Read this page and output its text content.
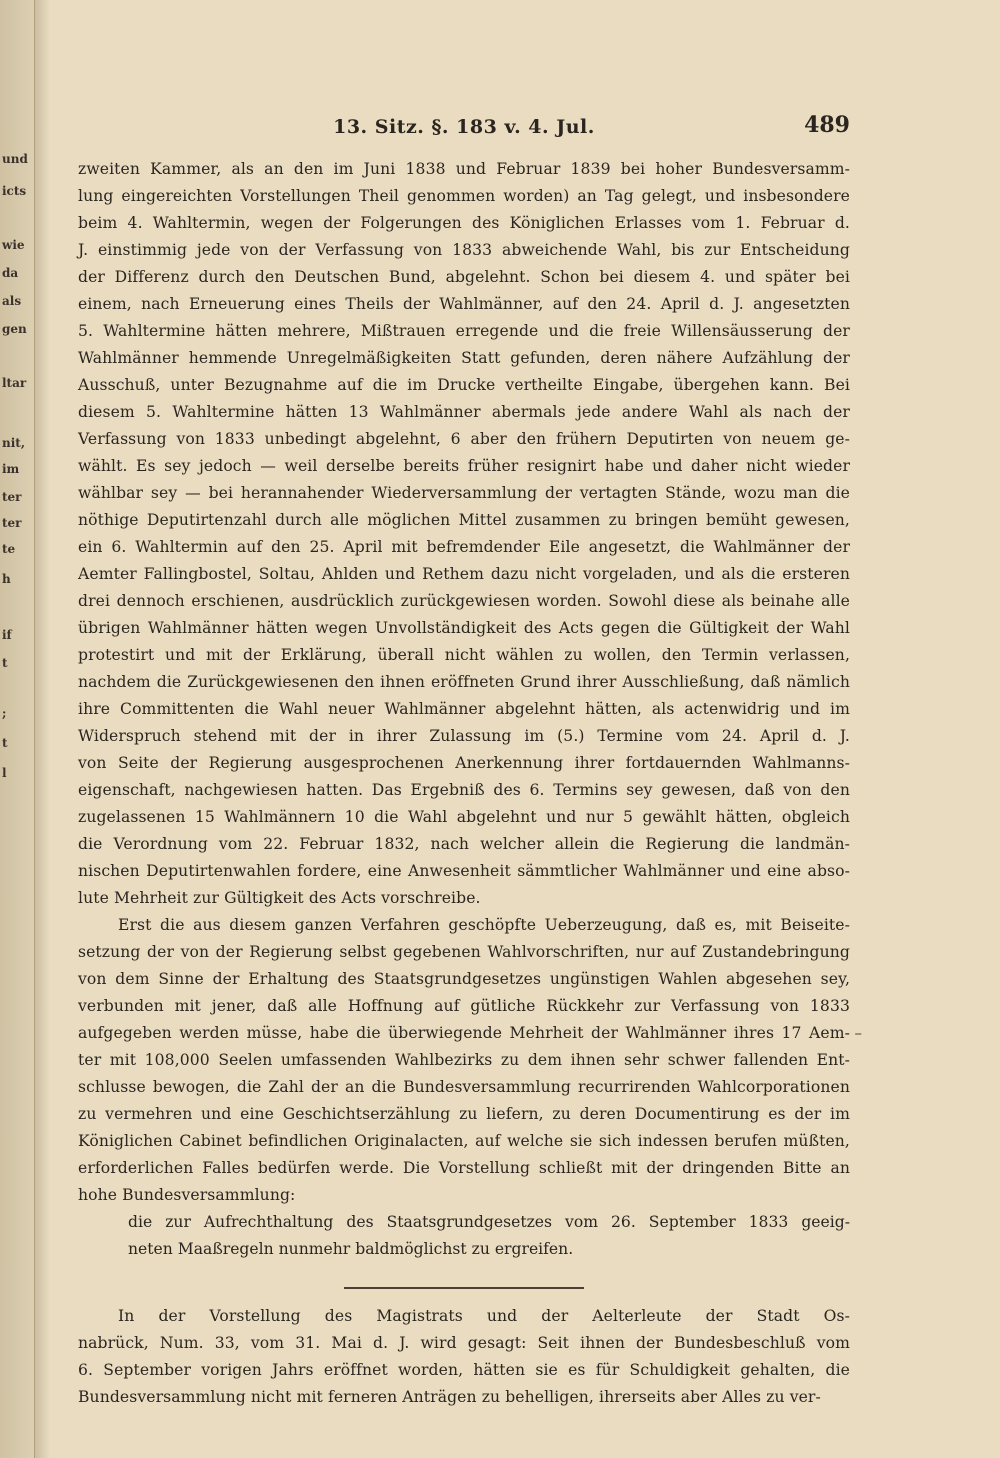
und
icts
wie
da
als
gen
ltar
nit,
im
ter
ter
te
h
if
t
;
t
l
13. Sitz. §. 183 v. 4. Jul.	489
zweiten Kammer, als an den im Juni 1838 und Februar 1839 bei hoher Bundesversamm-
lung eingereichten Vorstellungen Theil genommen worden) an Tag gelegt, und insbesondere
beim 4. Wahltermin, wegen der Folgerungen des Königlichen Erlasses vom 1. Februar d.
J. einstimmig jede von der Verfassung von 1833 abweichende Wahl, bis zur Entscheidung
der Differenz durch den Deutschen Bund, abgelehnt. Schon bei diesem 4. und später bei
einem, nach Erneuerung eines Theils der Wahlmänner, auf den 24. April d. J. angesetzten
5. Wahltermine hätten mehrere, Mißtrauen erregende und die freie Willensäusserung der
Wahlmänner hemmende Unregelmäßigkeiten Statt gefunden, deren nähere Aufzählung der
Ausschuß, unter Bezugnahme auf die im Drucke vertheilte Eingabe, übergehen kann. Bei
diesem 5. Wahltermine hätten 13 Wahlmänner abermals jede andere Wahl als nach der
Verfassung von 1833 unbedingt abgelehnt, 6 aber den frühern Deputirten von neuem ge-
wählt. Es sey jedoch — weil derselbe bereits früher resignirt habe und daher nicht wieder
wählbar sey — bei herannahender Wiederversammlung der vertagten Stände, wozu man die
nöthige Deputirtenzahl durch alle möglichen Mittel zusammen zu bringen bemüht gewesen,
ein 6. Wahltermin auf den 25. April mit befremdender Eile angesetzt, die Wahlmänner der
Aemter Fallingbostel, Soltau, Ahlden und Rethem dazu nicht vorgeladen, und als die ersteren
drei dennoch erschienen, ausdrücklich zurückgewiesen worden. Sowohl diese als beinahe alle
übrigen Wahlmänner hätten wegen Unvollständigkeit des Acts gegen die Gültigkeit der Wahl
protestirt und mit der Erklärung, überall nicht wählen zu wollen, den Termin verlassen,
nachdem die Zurückgewiesenen den ihnen eröffneten Grund ihrer Ausschließung, daß nämlich
ihre Committenten die Wahl neuer Wahlmänner abgelehnt hätten, als actenwidrig und im
Widerspruch stehend mit der in ihrer Zulassung im (5.) Termine vom 24. April d. J.
von Seite der Regierung ausgesprochenen Anerkennung ihrer fortdauernden Wahlmanns-
eigenschaft, nachgewiesen hatten. Das Ergebniß des 6. Termins sey gewesen, daß von den
zugelassenen 15 Wahlmännern 10 die Wahl abgelehnt und nur 5 gewählt hätten, obgleich
die Verordnung vom 22. Februar 1832, nach welcher allein die Regierung die landmän-
nischen Deputirtenwahlen fordere, eine Anwesenheit sämmtlicher Wahlmänner und eine abso-
lute Mehrheit zur Gültigkeit des Acts vorschreibe.
Erst die aus diesem ganzen Verfahren geschöpfte Ueberzeugung, daß es, mit Beiseite-
setzung der von der Regierung selbst gegebenen Wahlvorschriften, nur auf Zustandebringung
von dem Sinne der Erhaltung des Staatsgrundgesetzes ungünstigen Wahlen abgesehen sey,
verbunden mit jener, daß alle Hoffnung auf gütliche Rückkehr zur Verfassung von 1833
aufgegeben werden müsse, habe die überwiegende Mehrheit der Wahlmänner ihres 17 Aem-
ter mit 108,000 Seelen umfassenden Wahlbezirks zu dem ihnen sehr schwer fallenden Ent-
schlusse bewogen, die Zahl der an die Bundesversammlung recurrirenden Wahlcorporationen
zu vermehren und eine Geschichtserzählung zu liefern, zu deren Documentirung es der im
Königlichen Cabinet befindlichen Originalacten, auf welche sie sich indessen berufen müßten,
erforderlichen Falles bedürfen werde. Die Vorstellung schließt mit der dringenden Bitte an
hohe Bundesversammlung:
die zur Aufrechthaltung des Staatsgrundgesetzes vom 26. September 1833 geeig-
neten Maaßregeln nunmehr baldmöglichst zu ergreifen.
In der Vorstellung des Magistrats und der Aelterleute der Stadt Os-
nabrück, Num. 33, vom 31. Mai d. J. wird gesagt: Seit ihnen der Bundesbeschluß vom
6. September vorigen Jahrs eröffnet worden, hätten sie es für Schuldigkeit gehalten, die
Bundesversammlung nicht mit ferneren Anträgen zu behelligen, ihrerseits aber Alles zu ver-
–
